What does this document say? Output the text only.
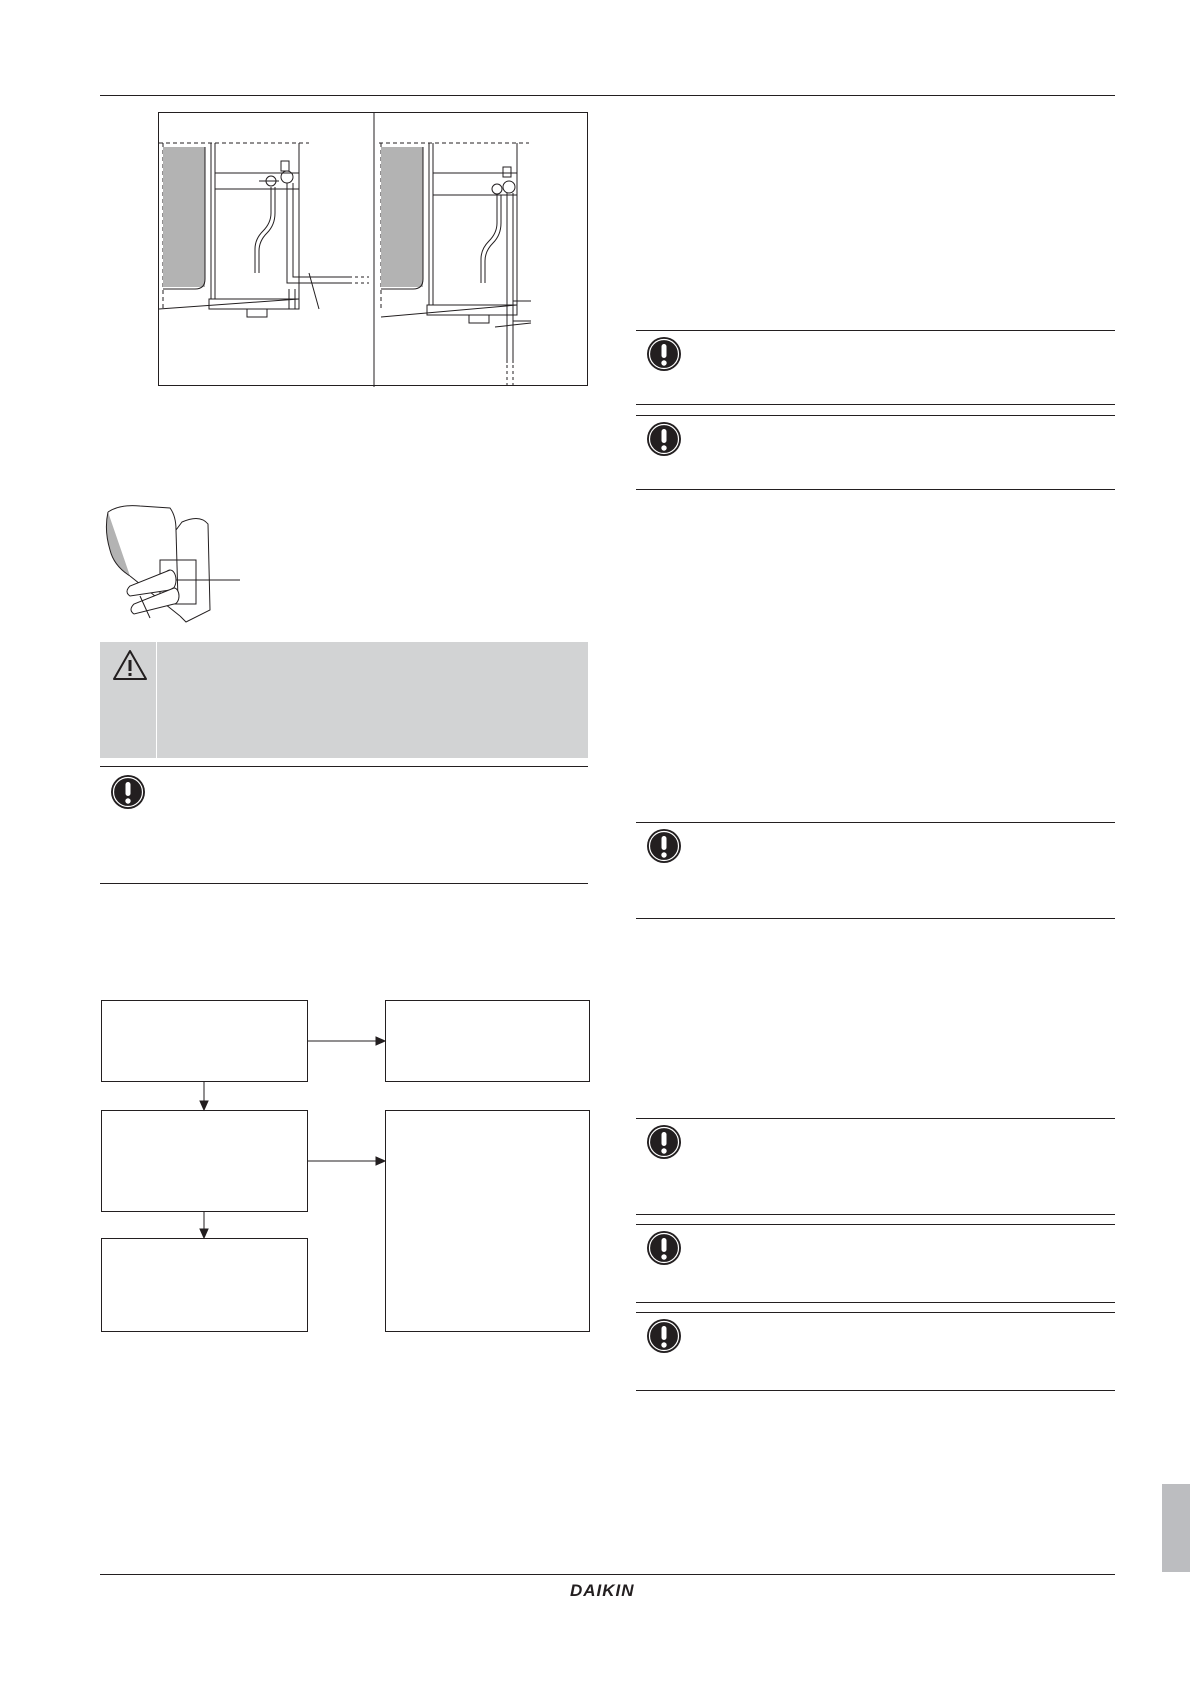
DAIKIN
